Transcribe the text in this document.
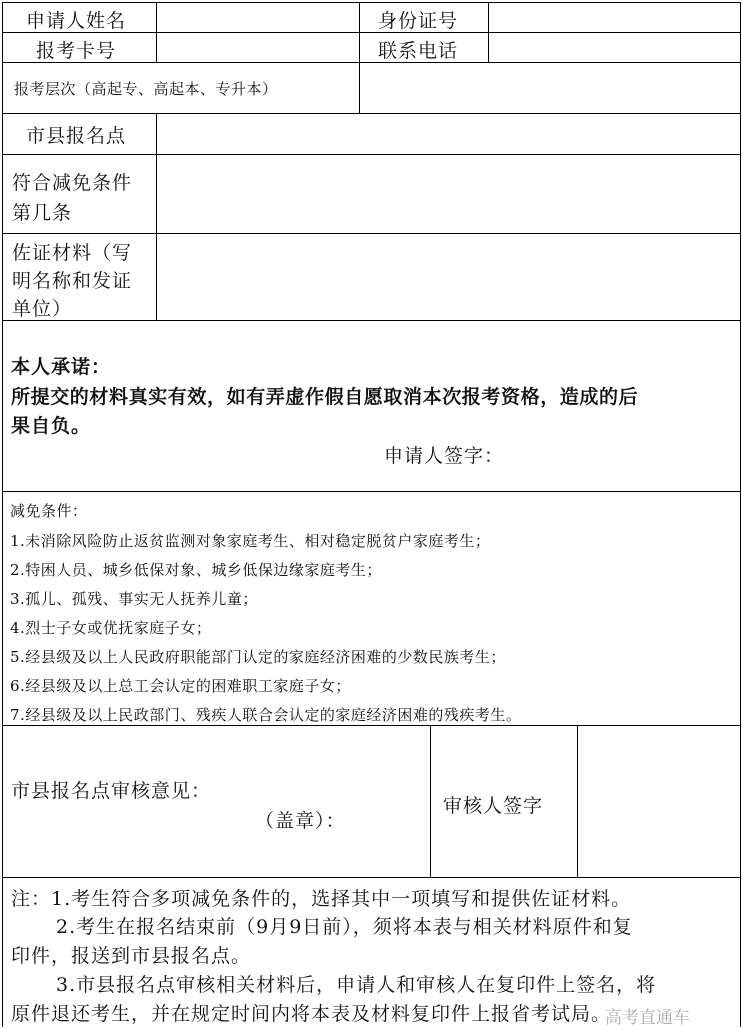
申请人姓名	身份证号
报考卡号	联系电话
报考层次（高起专、高起本、专升本）
市县报名点
符合减免条件
第几条
佐证材料（写
明名称和发证
单位）
本人承诺：
所提交的材料真实有效，如有弄虚作假自愿取消本次报考资格，造成的后
果自负。
申请人签字：
减免条件：
1.未消除风险防止返贫监测对象家庭考生、相对稳定脱贫户家庭考生；
2.特困人员、城乡低保对象、城乡低保边缘家庭考生；
3.孤儿、孤残、事实无人抚养儿童；
4.烈士子女或优抚家庭子女；
5.经县级及以上人民政府职能部门认定的家庭经济困难的少数民族考生；
6.经县级及以上总工会认定的困难职工家庭子女；
7.经县级及以上民政部门、残疾人联合会认定的家庭经济困难的残疾考生。
市县报名点审核意见：
（盖章）：
审核人签字
注：1.考生符合多项减免条件的，选择其中一项填写和提供佐证材料。
2.考生在报名结束前（9月9日前），须将本表与相关材料原件和复
印件，报送到市县报名点。
3.市县报名点审核相关材料后，申请人和审核人在复印件上签名，将
原件退还考生，并在规定时间内将本表及材料复印件上报省考试局。
高考直通车
